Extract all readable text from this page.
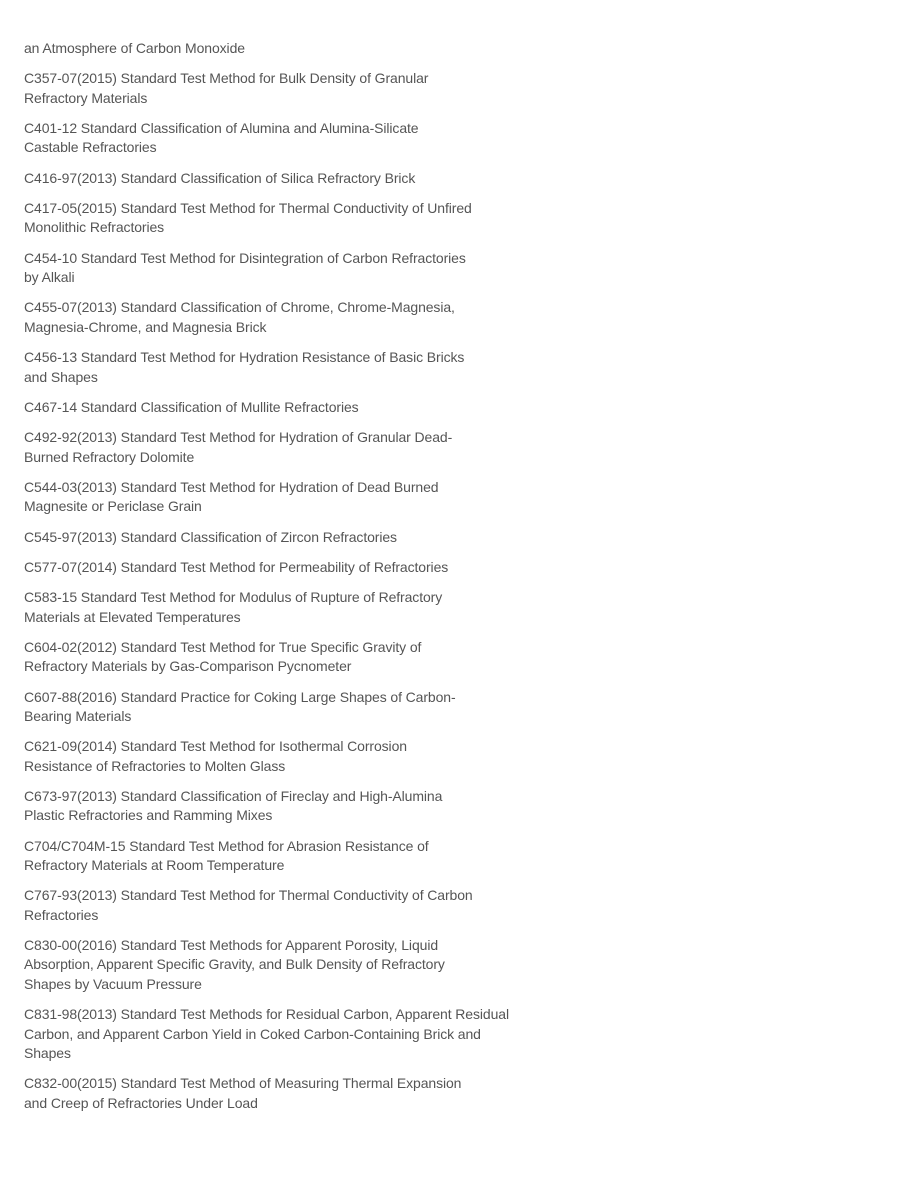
an Atmosphere of Carbon Monoxide
C357-07(2015) Standard Test Method for Bulk Density of Granular
Refractory Materials
C401-12 Standard Classification of Alumina and Alumina-Silicate
Castable Refractories
C416-97(2013) Standard Classification of Silica Refractory Brick
C417-05(2015) Standard Test Method for Thermal Conductivity of Unfired
Monolithic Refractories
C454-10 Standard Test Method for Disintegration of Carbon Refractories
by Alkali
C455-07(2013) Standard Classification of Chrome, Chrome-Magnesia,
Magnesia-Chrome, and Magnesia Brick
C456-13 Standard Test Method for Hydration Resistance of Basic Bricks
and Shapes
C467-14 Standard Classification of Mullite Refractories
C492-92(2013) Standard Test Method for Hydration of Granular Dead-
Burned Refractory Dolomite
C544-03(2013) Standard Test Method for Hydration of Dead Burned
Magnesite or Periclase Grain
C545-97(2013) Standard Classification of Zircon Refractories
C577-07(2014) Standard Test Method for Permeability of Refractories
C583-15 Standard Test Method for Modulus of Rupture of Refractory
Materials at Elevated Temperatures
C604-02(2012) Standard Test Method for True Specific Gravity of
Refractory Materials by Gas-Comparison Pycnometer
C607-88(2016) Standard Practice for Coking Large Shapes of Carbon-
Bearing Materials
C621-09(2014) Standard Test Method for Isothermal Corrosion
Resistance of Refractories to Molten Glass
C673-97(2013) Standard Classification of Fireclay and High-Alumina
Plastic Refractories and Ramming Mixes
C704/C704M-15 Standard Test Method for Abrasion Resistance of
Refractory Materials at Room Temperature
C767-93(2013) Standard Test Method for Thermal Conductivity of Carbon
Refractories
C830-00(2016) Standard Test Methods for Apparent Porosity, Liquid
Absorption, Apparent Specific Gravity, and Bulk Density of Refractory
Shapes by Vacuum Pressure
C831-98(2013) Standard Test Methods for Residual Carbon, Apparent Residual
Carbon, and Apparent Carbon Yield in Coked Carbon-Containing Brick and
Shapes
C832-00(2015) Standard Test Method of Measuring Thermal Expansion
and Creep of Refractories Under Load
